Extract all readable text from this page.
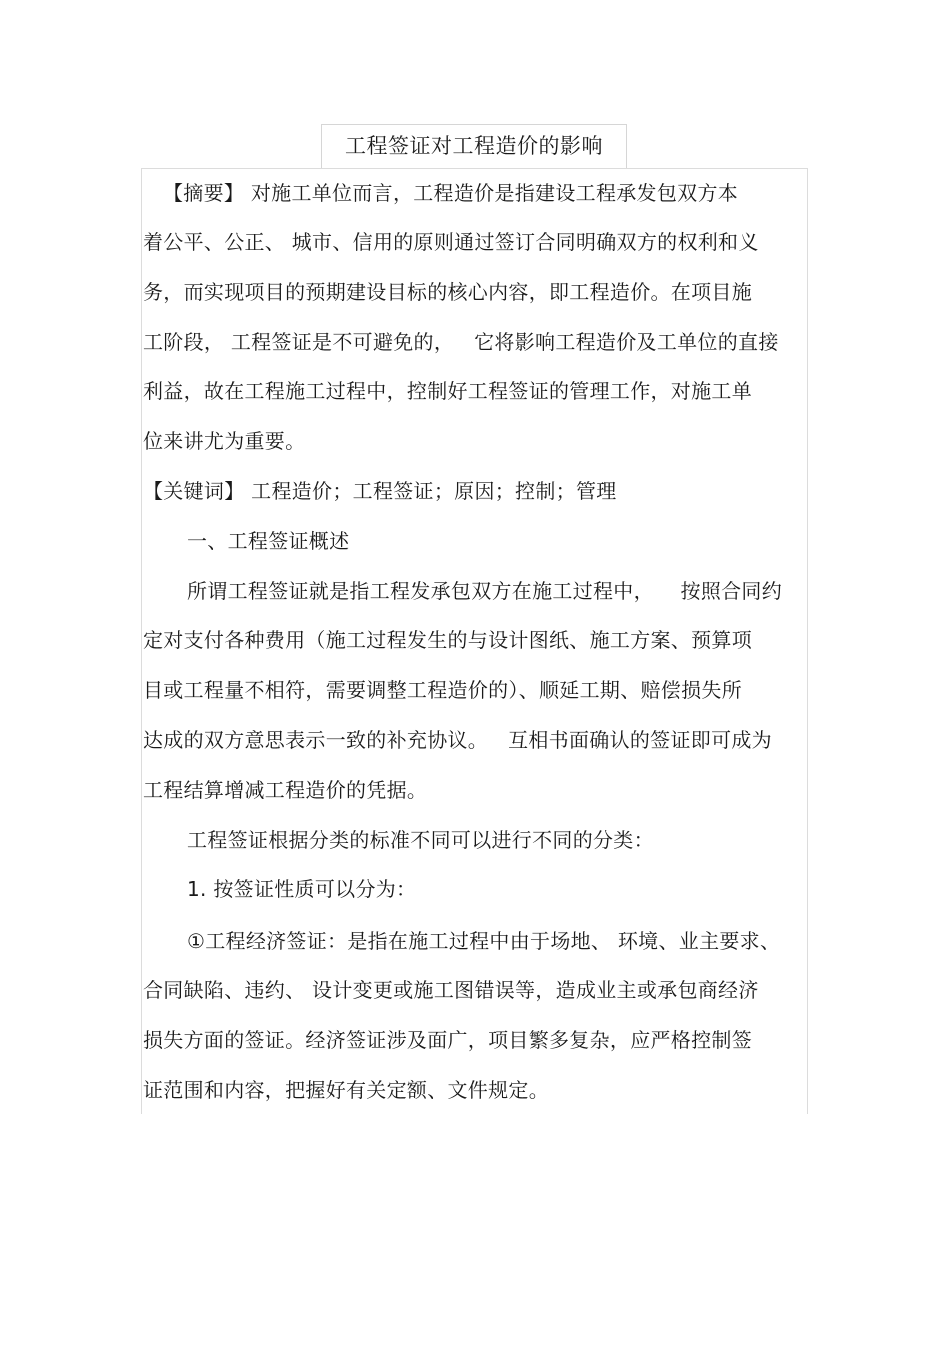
工程签证对工程造价的影响
【摘要】 对施工单位而言，工程造价是指建设工程承发包双方本
着公平、公正、 城市、信用的原则通过签订合同明确双方的权利和义
务，而实现项目的预期建设目标的核心内容，即工程造价。在项目施
工阶段， 工程签证是不可避免的，   它将影响工程造价及工单位的直接
利益，故在工程施工过程中，控制好工程签证的管理工作，对施工单
位来讲尤为重要。
【关键词】 工程造价；工程签证；原因；控制；管理
一、工程签证概述
所谓工程签证就是指工程发承包双方在施工过程中，    按照合同约
定对支付各种费用（施工过程发生的与设计图纸、施工方案、预算项
目或工程量不相符，需要调整工程造价的）、顺延工期、赔偿损失所
达成的双方意思表示一致的补充协议。   互相书面确认的签证即可成为
工程结算增减工程造价的凭据。
工程签证根据分类的标准不同可以进行不同的分类：
1. 按签证性质可以分为：
①工程经济签证：是指在施工过程中由于场地、 环境、业主要求、
合同缺陷、违约、 设计变更或施工图错误等，造成业主或承包商经济
损失方面的签证。经济签证涉及面广，项目繁多复杂，应严格控制签
证范围和内容，把握好有关定额、文件规定。
